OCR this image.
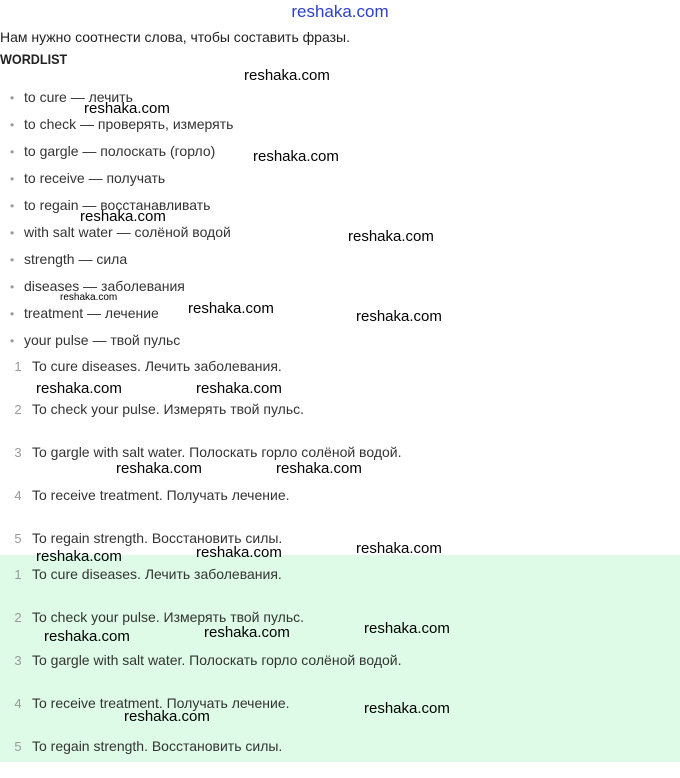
reshaka.com

Нам нужно соотнести слова, чтобы составить фразы.

WORDLIST

• to cure — лечить
• to check — проверять, измерять
• to gargle — полоскать (горло)
• to receive — получать
• to regain — восстанавливать
• with salt water — солёной водой
• strength — сила
• diseases — заболевания
• treatment — лечение
• your pulse — твой пульс
1 To cure diseases. Лечить заболевания.
2 To check your pulse. Измерять твой пульс.
3 To gargle with salt water. Полоскать горло солёной водой.
4 To receive treatment. Получать лечение.
5 To regain strength. Восстановить силы.
1 To cure diseases. Лечить заболевания.
2 To check your pulse. Измерять твой пульс.
3 To gargle with salt water. Полоскать горло солёной водой.
4 To receive treatment. Получать лечение.
5 To regain strength. Восстановить силы.
reshaka.com
reshaka.com
reshaka.com
reshaka.com
reshaka.com
reshaka.com
reshaka.com	reshaka.com
reshaka.com	reshaka.com
reshaka.com	reshaka.com
reshaka.com
reshaka.com
reshaka.com
reshaka.com
reshaka.com
reshaka.com
reshaka.com
reshaka.com
